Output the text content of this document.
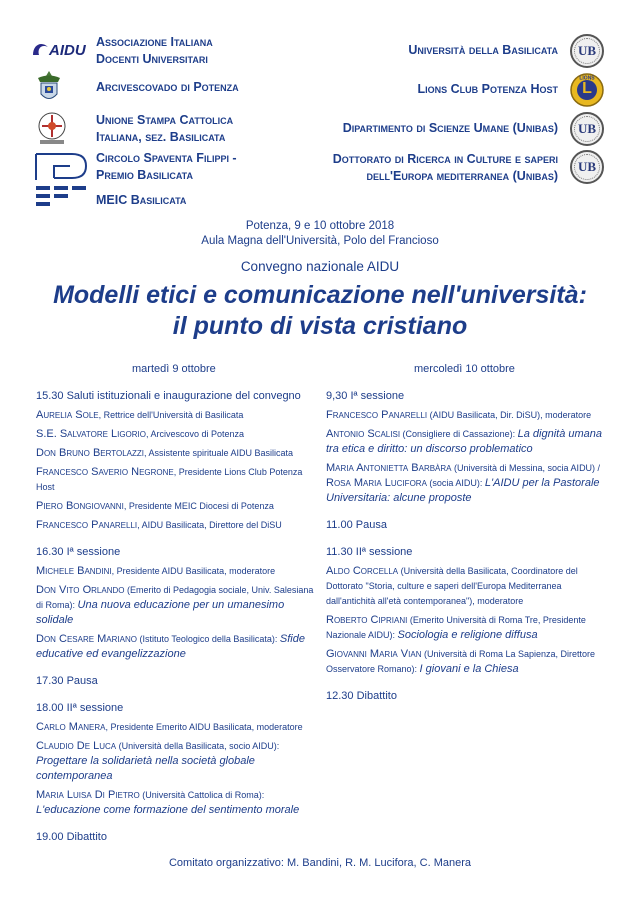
AIDU Associazione Italiana
Docenti Universitari
Arcivescovado di Potenza
Unione Stampa Cattolica
Italiana, sez. Basilicata
Circolo Spaventa Filippi -
Premio Basilicata
MEIC Basilicata
Università della Basilicata
Lions Club Potenza Host
Dipartimento di Scienze Umane (Unibas)
Dottorato di Ricerca in Culture e saperi
dell'Europa mediterranea (Unibas)
UB
L
LIONS
UB
UB
Potenza, 9 e 10 ottobre 2018
Aula Magna dell'Università, Polo del Francioso
Convegno nazionale AIDU
Modelli etici e comunicazione nell'università:
il punto di vista cristiano
martedì 9 ottobre	mercoledì 10 ottobre
15.30 Saluti istituzionali e inaugurazione del convegno
Aurelia Sole, Rettrice dell'Università di Basilicata
S.E. Salvatore Ligorio, Arcivescovo di Potenza
Don Bruno Bertolazzi, Assistente spirituale AIDU Basilicata
Francesco Saverio Negrone, Presidente Lions Club Potenza Host
Piero Bongiovanni, Presidente MEIC Diocesi di Potenza
Francesco Panarelli, AIDU Basilicata, Direttore del DiSU
16.30 Iª sessione
Michele Bandini, Presidente AIDU Basilicata, moderatore
Don Vito Orlando (Emerito di Pedagogia sociale, Univ. Salesiana di Roma): Una nuova educazione per un umanesimo solidale
Don Cesare Mariano (Istituto Teologico della Basilicata): Sfide educative ed evangelizzazione
17.30 Pausa
18.00 IIª sessione
Carlo Manera, Presidente Emerito AIDU Basilicata, moderatore
Claudio De Luca (Università della Basilicata, socio AIDU): Progettare la solidarietà nella società globale contemporanea
Maria Luisa Di Pietro (Università Cattolica di Roma): L'educazione come formazione del sentimento morale
19.00 Dibattito
9,30 Iª sessione
Francesco Panarelli (AIDU Basilicata, Dir. DiSU), moderatore
Antonio Scalisi (Consigliere di Cassazione): La dignità umana tra etica e diritto: un discorso problematico
Maria Antonietta Barbàra (Università di Messina, socia AIDU) / Rosa Maria Lucifora (socia AIDU): L'AIDU per la Pastorale Universitaria: alcune proposte
11.00 Pausa
11.30 IIª sessione
Aldo Corcella (Università della Basilicata, Coordinatore del Dottorato "Storia, culture e saperi dell'Europa Mediterranea dall'antichità all'età contemporanea"), moderatore
Roberto Cipriani (Emerito Università di Roma Tre, Presidente Nazionale AIDU): Sociologia e religione diffusa
Giovanni Maria Vian (Università di Roma La Sapienza, Direttore Osservatore Romano): I giovani e la Chiesa
12.30 Dibattito
Comitato organizzativo: M. Bandini, R. M. Lucifora, C. Manera
